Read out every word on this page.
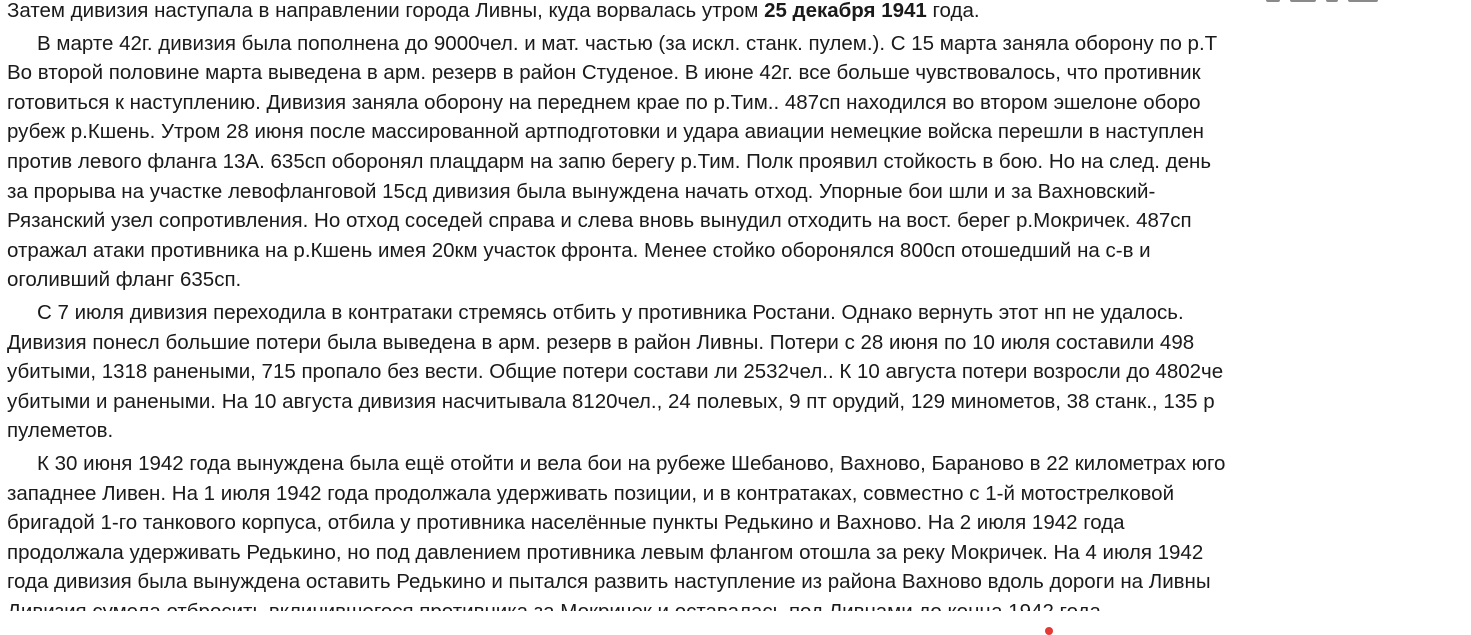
Затем дивизия наступала в направлении города Ливны, куда ворвалась утром 25 декабря 1941 года.
В марте 42г. дивизия была пополнена до 9000чел. и мат. частью (за искл. станк. пулем.). С 15 марта заняла оборону по р.Т
Во второй половине марта выведена в арм. резерв в район Студеное. В июне 42г. все больше чувствовалось, что противник
готовиться к наступлению. Дивизия заняла оборону на переднем крае по р.Тим.. 487сп находился во втором эшелоне оборо
рубеж р.Кшень. Утром 28 июня после массированной артподготовки и удара авиации немецкие войска перешли в наступлен
против левого фланга 13А. 635сп оборонял плацдарм на запю берегу р.Тим. Полк проявил стойкость в бою. Но на след. день
за прорыва на участке левофланговой 15сд дивизия была вынуждена начать отход. Упорные бои шли и за Вахновский-
Рязанский узел сопротивления. Но отход соседей справа и слева вновь вынудил отходить на вост. берег р.Мокричек. 487сп
отражал атаки противника на р.Кшень имея 20км участок фронта. Менее стойко оборонялся 800сп отошедший на с-в и
оголивший фланг 635сп.
С 7 июля дивизия переходила в контратаки стремясь отбить у противника Ростани. Однако вернуть этот нп не удалось.
Дивизия понесл большие потери была выведена в арм. резерв в район Ливны. Потери с 28 июня по 10 июля составили 498
убитыми, 1318 ранеными, 715 пропало без вести. Общие потери состави ли 2532чел.. К 10 августа потери возросли до 4802че
убитыми и ранеными. На 10 августа дивизия насчитывала 8120чел., 24 полевых, 9 пт орудий, 129 минометов, 38 станк., 135 р
пулеметов.
К 30 июня 1942 года вынуждена была ещё отойти и вела бои на рубеже Шебаново, Вахново, Бараново в 22 километрах юго
западнее Ливен. На 1 июля 1942 года продолжала удерживать позиции, и в контратаках, совместно с 1-й мотострелковой
бригадой 1-го танкового корпуса, отбила у противника населённые пункты Редькино и Вахново. На 2 июля 1942 года
продолжала удерживать Редькино, но под давлением противника левым флангом отошла за реку Мокричек. На 4 июля 1942
года дивизия была вынуждена оставить Редькино и пытался развить наступление из района Вахново вдоль дороги на Ливны
